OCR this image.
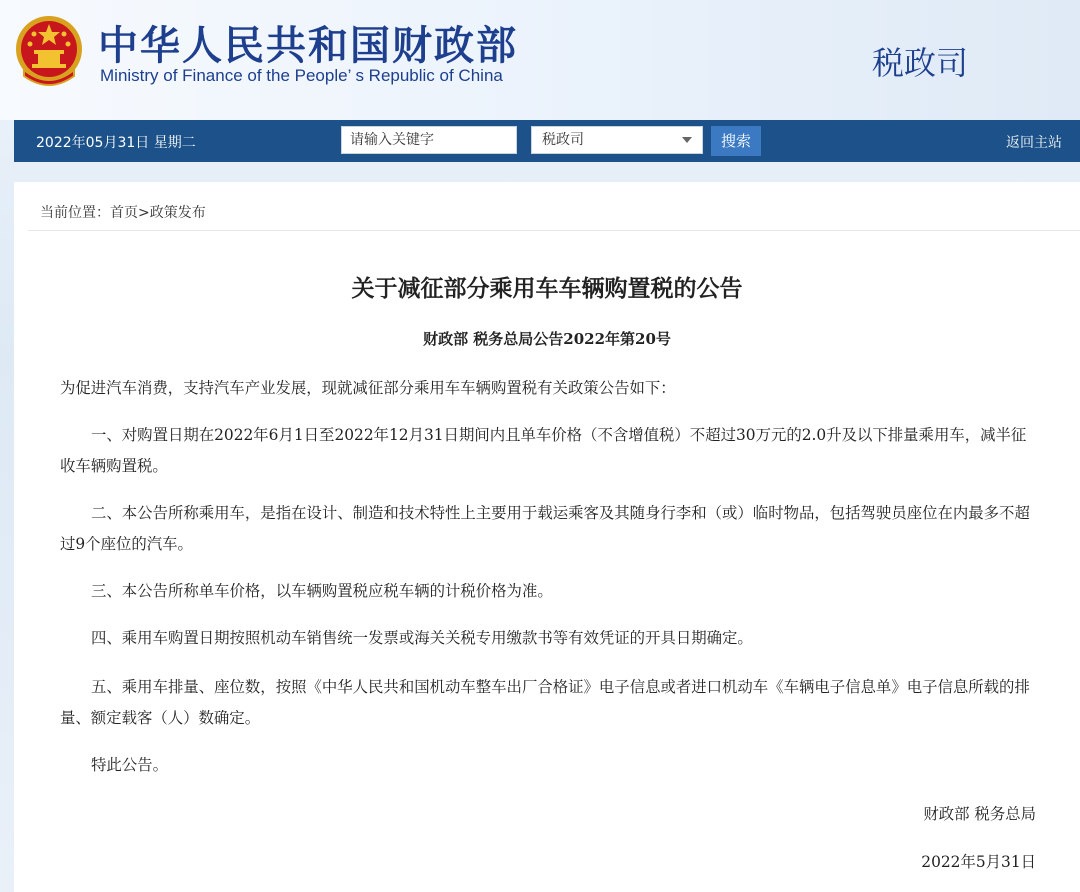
中华人民共和国财政部
Ministry of Finance of the People’ s Republic of China	税政司
2022年05月31日 星期二	请输入关键字	税政司	搜索	返回主站
当前位置：首页>政策发布
关于减征部分乘用车车辆购置税的公告
财政部 税务总局公告2022年第20号

为促进汽车消费，支持汽车产业发展，现就减征部分乘用车车辆购置税有关政策公告如下：

一、对购置日期在2022年6月1日至2022年12月31日期间内且单车价格（不含增值税）不超过30万元的2.0升及以下排量乘用车，减半征收车辆购置税。

二、本公告所称乘用车，是指在设计、制造和技术特性上主要用于载运乘客及其随身行李和（或）临时物品，包括驾驶员座位在内最多不超过9个座位的汽车。

三、本公告所称单车价格，以车辆购置税应税车辆的计税价格为准。

四、乘用车购置日期按照机动车销售统一发票或海关关税专用缴款书等有效凭证的开具日期确定。

五、乘用车排量、座位数，按照《中华人民共和国机动车整车出厂合格证》电子信息或者进口机动车《车辆电子信息单》电子信息所载的排量、额定载客（人）数确定。

特此公告。

财政部 税务总局
2022年5月31日
